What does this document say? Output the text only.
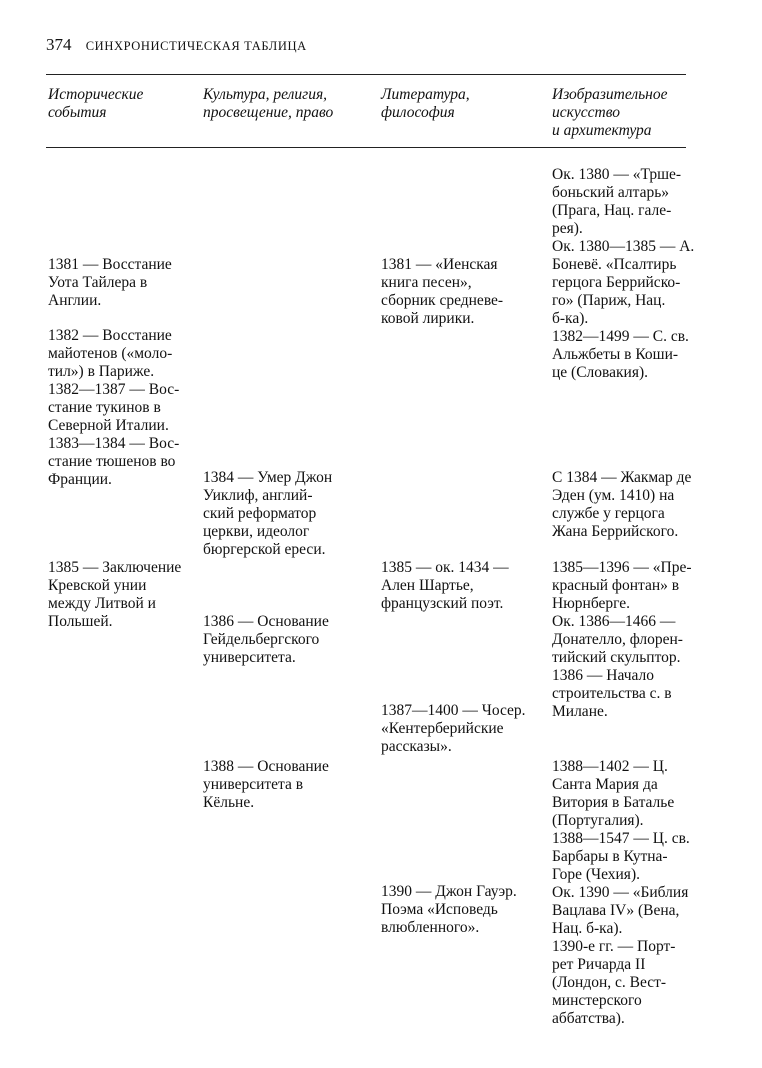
374 СИНХРОНИСТИЧЕСКАЯ ТАБЛИЦА
Исторические
события
Культура, религия,
просвещение, право
Литература,
философия
Изобразительное
искусство
и архитектура
1381 — Восстание
Уота Тайлера в
Англии.
1382 — Восстание
майотенов («моло-
тил») в Париже.
1382—1387 — Вос-
стание тукинов в
Северной Италии.
1383—1384 — Вос-
стание тюшенов во
Франции.
1385 — Заключение
Кревской унии
между Литвой и
Польшей.
1384 — Умер Джон
Уиклиф, англий-
ский реформатор
церкви, идеолог
бюргерской ереси.
1386 — Основание
Гейдельбергского
университета.
1388 — Основание
университета в
Кёльне.
1381 — «Иенская
книга песен»,
сборник средневе-
ковой лирики.
1385 — ок. 1434 —
Ален Шартье,
французский поэт.
1387—1400 — Чосер.
«Кентерберийские
рассказы».
1390 — Джон Гауэр.
Поэма «Исповедь
влюбленного».
Ок. 1380 — «Трше-
боньский алтарь»
(Прага, Нац. гале-
рея).
Ок. 1380—1385 — А.
Боневё. «Псалтирь
герцога Беррийско-
го» (Париж, Нац.
б-ка).
1382—1499 — С. св.
Альжбеты в Коши-
це (Словакия).
С 1384 — Жакмар де
Эден (ум. 1410) на
службе у герцога
Жана Беррийского.
1385—1396 — «Пре-
красный фонтан» в
Нюрнберге.
Ок. 1386—1466 —
Донателло, флорен-
тийский скульптор.
1386 — Начало
строительства с. в
Милане.
1388—1402 — Ц.
Санта Мария да
Витория в Баталье
(Португалия).
1388—1547 — Ц. св.
Барбары в Кутна-
Горе (Чехия).
Ок. 1390 — «Библия
Вацлава IV» (Вена,
Нац. б-ка).
1390-е гг. — Порт-
рет Ричарда II
(Лондон, с. Вест-
минстерского
аббатства).
